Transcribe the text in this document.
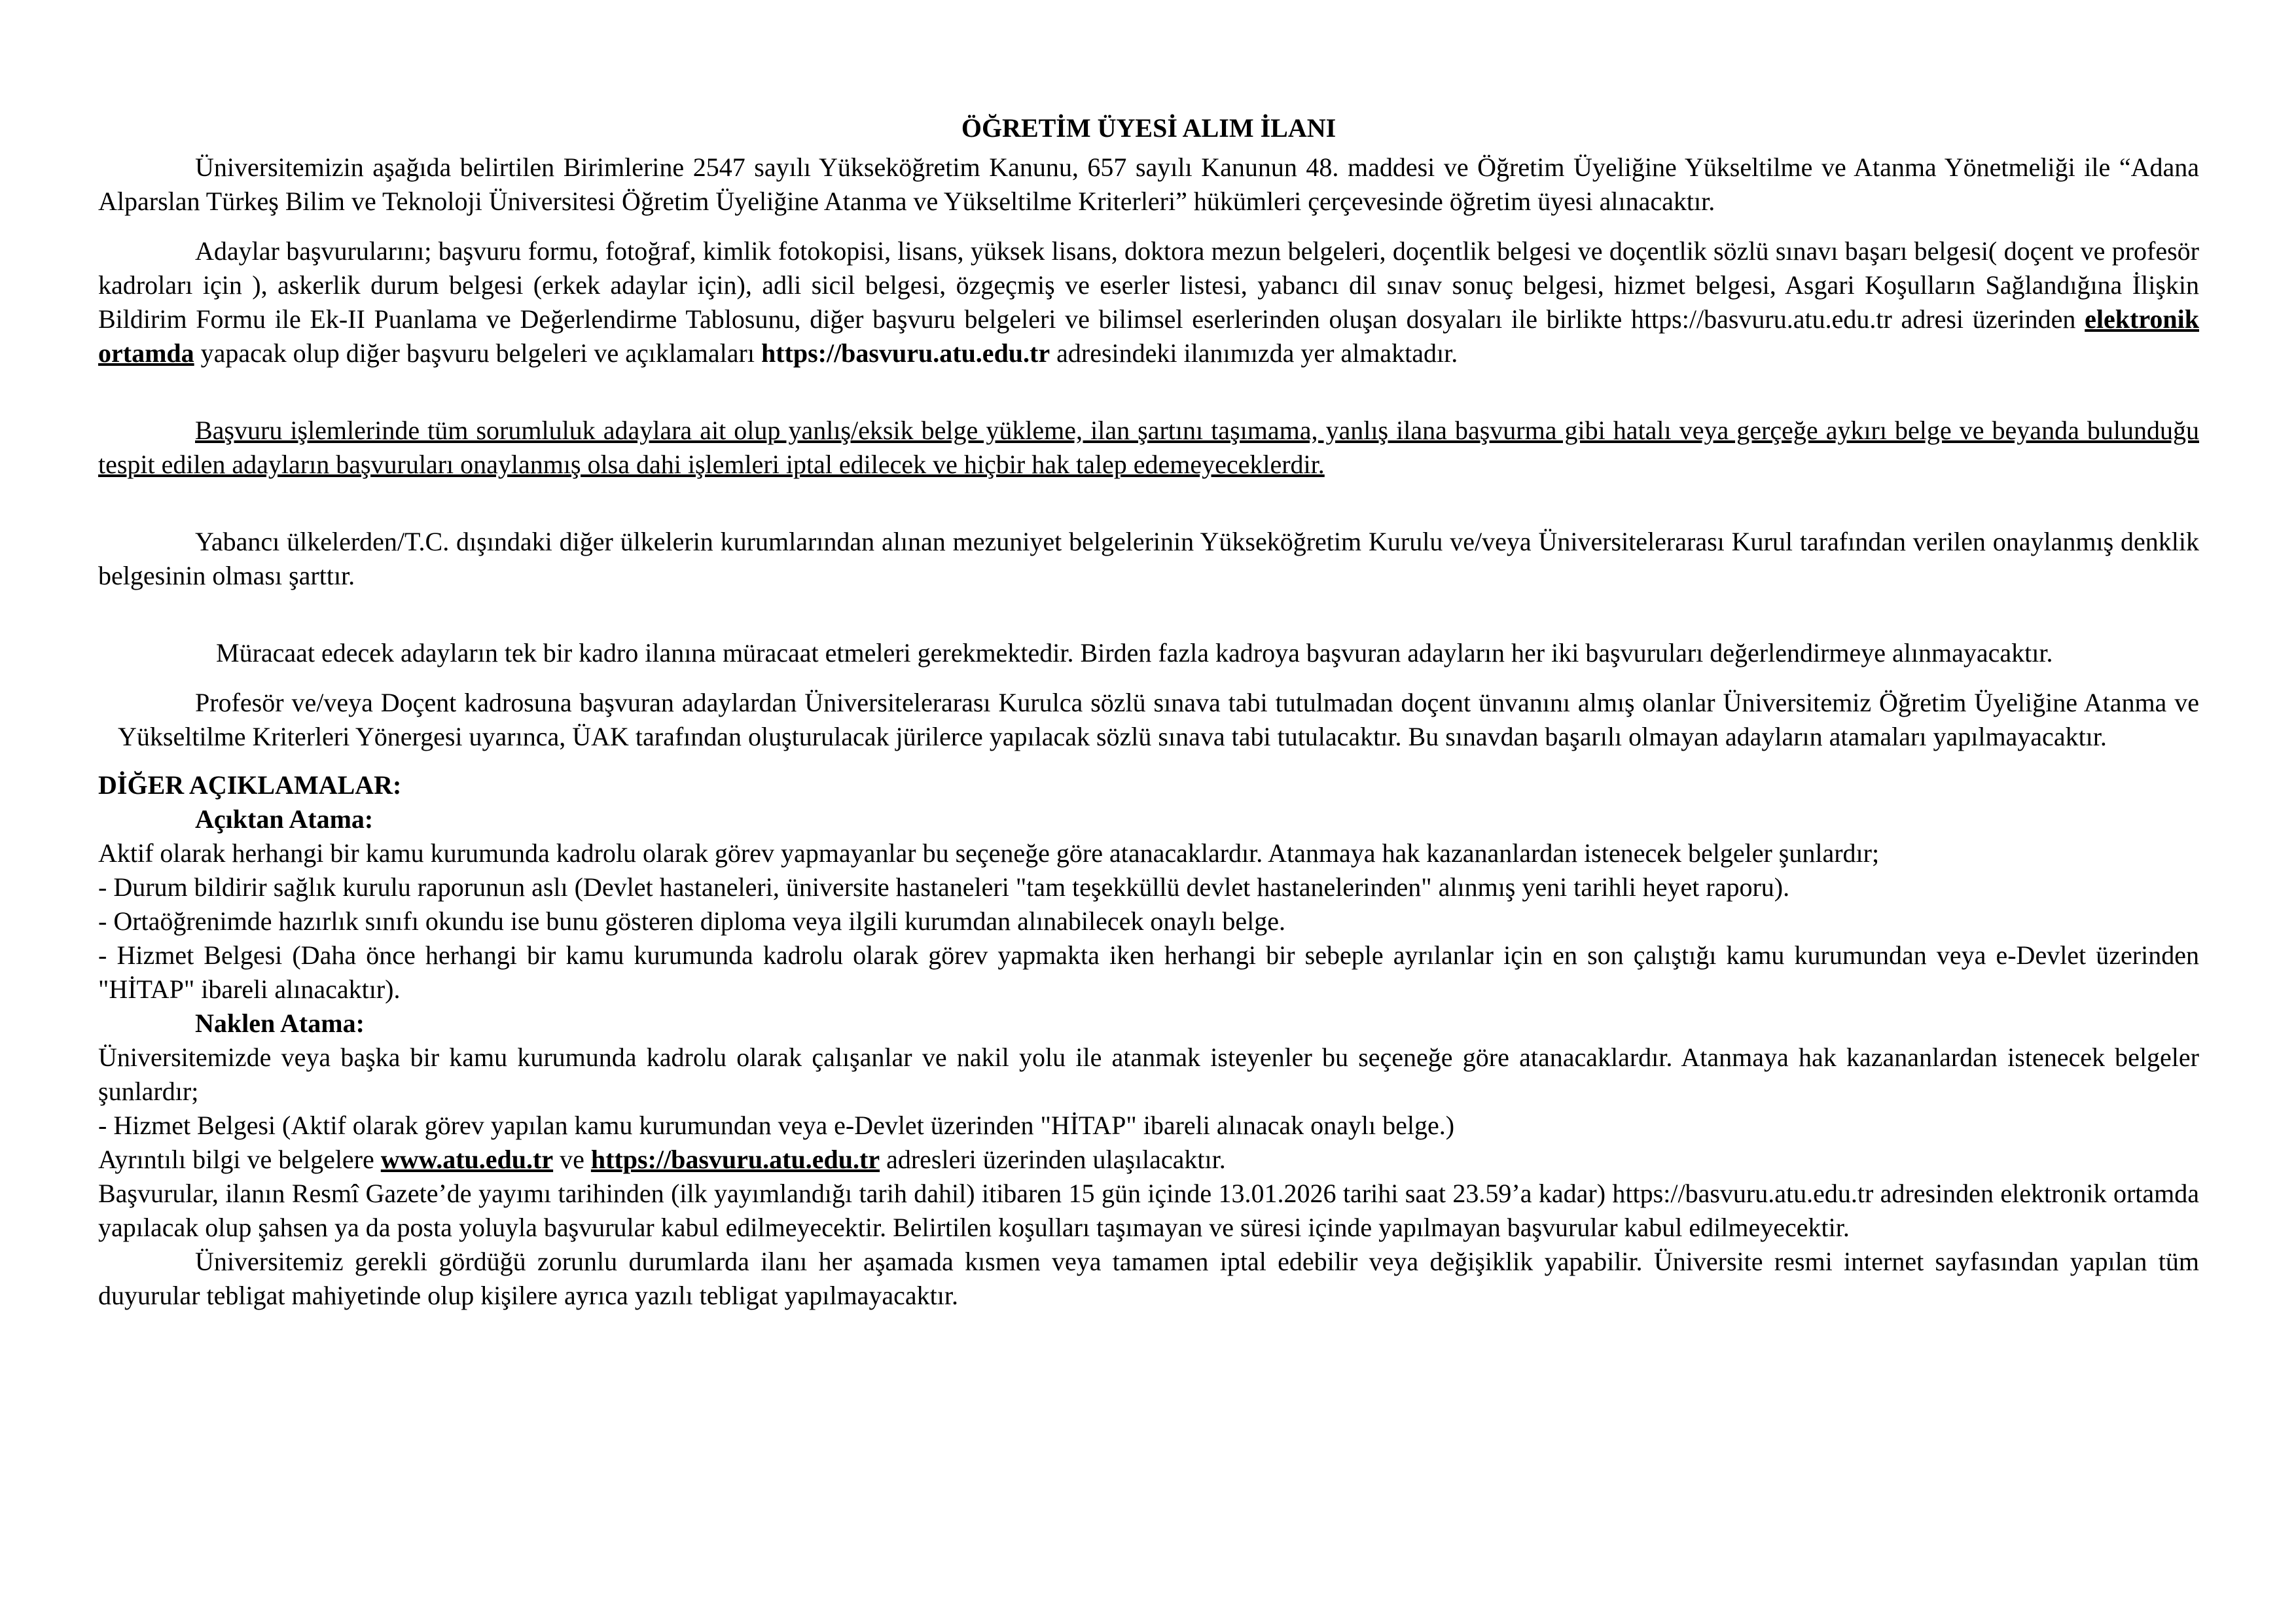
ÖĞRETİM ÜYESİ ALIM İLANI

Üniversitemizin aşağıda belirtilen Birimlerine 2547 sayılı Yükseköğretim Kanunu, 657 sayılı Kanunun 48. maddesi ve Öğretim Üyeliğine Yükseltilme ve Atanma Yönetmeliği ile “Adana Alparslan Türkeş Bilim ve Teknoloji Üniversitesi Öğretim Üyeliğine Atanma ve Yükseltilme Kriterleri” hükümleri çerçevesinde öğretim üyesi alınacaktır.

Adaylar başvurularını; başvuru formu, fotoğraf, kimlik fotokopisi, lisans, yüksek lisans, doktora mezun belgeleri, doçentlik belgesi ve doçentlik sözlü sınavı başarı belgesi( doçent ve profesör kadroları için ), askerlik durum belgesi (erkek adaylar için), adli sicil belgesi, özgeçmiş ve eserler listesi, yabancı dil sınav sonuç belgesi, hizmet belgesi, Asgari Koşulların Sağlandığına İlişkin Bildirim Formu ile Ek-II Puanlama ve Değerlendirme Tablosunu, diğer başvuru belgeleri ve bilimsel eserlerinden oluşan dosyaları ile birlikte https://basvuru.atu.edu.tr adresi üzerinden elektronik ortamda yapacak olup diğer başvuru belgeleri ve açıklamaları https://basvuru.atu.edu.tr adresindeki ilanımızda yer almaktadır.

Başvuru işlemlerinde tüm sorumluluk adaylara ait olup yanlış/eksik belge yükleme, ilan şartını taşımama, yanlış ilana başvurma gibi hatalı veya gerçeğe aykırı belge ve beyanda bulunduğu tespit edilen adayların başvuruları onaylanmış olsa dahi işlemleri iptal edilecek ve hiçbir hak talep edemeyeceklerdir.

Yabancı ülkelerden/T.C. dışındaki diğer ülkelerin kurumlarından alınan mezuniyet belgelerinin Yükseköğretim Kurulu ve/veya Üniversitelerarası Kurul tarafından verilen onaylanmış denklik belgesinin olması şarttır.

Müracaat edecek adayların tek bir kadro ilanına müracaat etmeleri gerekmektedir. Birden fazla kadroya başvuran adayların her iki başvuruları değerlendirmeye alınmayacaktır.

Profesör ve/veya Doçent kadrosuna başvuran adaylardan Üniversitelerarası Kurulca sözlü sınava tabi tutulmadan doçent ünvanını almış olanlar Üniversitemiz Öğretim Üyeliğine Atanma ve Yükseltilme Kriterleri Yönergesi uyarınca, ÜAK tarafından oluşturulacak jürilerce yapılacak sözlü sınava tabi tutulacaktır. Bu sınavdan başarılı olmayan adayların atamaları yapılmayacaktır.

DİĞER AÇIKLAMALAR:

Açıktan Atama:

Aktif olarak herhangi bir kamu kurumunda kadrolu olarak görev yapmayanlar bu seçeneğe göre atanacaklardır. Atanmaya hak kazananlardan istenecek belgeler şunlardır;

- Durum bildirir sağlık kurulu raporunun aslı (Devlet hastaneleri, üniversite hastaneleri "tam teşekküllü devlet hastanelerinden" alınmış yeni tarihli heyet raporu).

- Ortaöğrenimde hazırlık sınıfı okundu ise bunu gösteren diploma veya ilgili kurumdan alınabilecek onaylı belge.

- Hizmet Belgesi (Daha önce herhangi bir kamu kurumunda kadrolu olarak görev yapmakta iken herhangi bir sebeple ayrılanlar için en son çalıştığı kamu kurumundan veya e-Devlet üzerinden "HİTAP" ibareli alınacaktır).

Naklen Atama:

Üniversitemizde veya başka bir kamu kurumunda kadrolu olarak çalışanlar ve nakil yolu ile atanmak isteyenler bu seçeneğe göre atanacaklardır. Atanmaya hak kazananlardan istenecek belgeler şunlardır;

- Hizmet Belgesi (Aktif olarak görev yapılan kamu kurumundan veya e-Devlet üzerinden "HİTAP" ibareli alınacak onaylı belge.)

Ayrıntılı bilgi ve belgelere www.atu.edu.tr ve https://basvuru.atu.edu.tr adresleri üzerinden ulaşılacaktır.

Başvurular, ilanın Resmî Gazete’de yayımı tarihinden (ilk yayımlandığı tarih dahil) itibaren 15 gün içinde 13.01.2026 tarihi saat 23.59’a kadar) https://basvuru.atu.edu.tr adresinden elektronik ortamda yapılacak olup şahsen ya da posta yoluyla başvurular kabul edilmeyecektir. Belirtilen koşulları taşımayan ve süresi içinde yapılmayan başvurular kabul edilmeyecektir.

Üniversitemiz gerekli gördüğü zorunlu durumlarda ilanı her aşamada kısmen veya tamamen iptal edebilir veya değişiklik yapabilir. Üniversite resmi internet sayfasından yapılan tüm duyurular tebligat mahiyetinde olup kişilere ayrıca yazılı tebligat yapılmayacaktır.
